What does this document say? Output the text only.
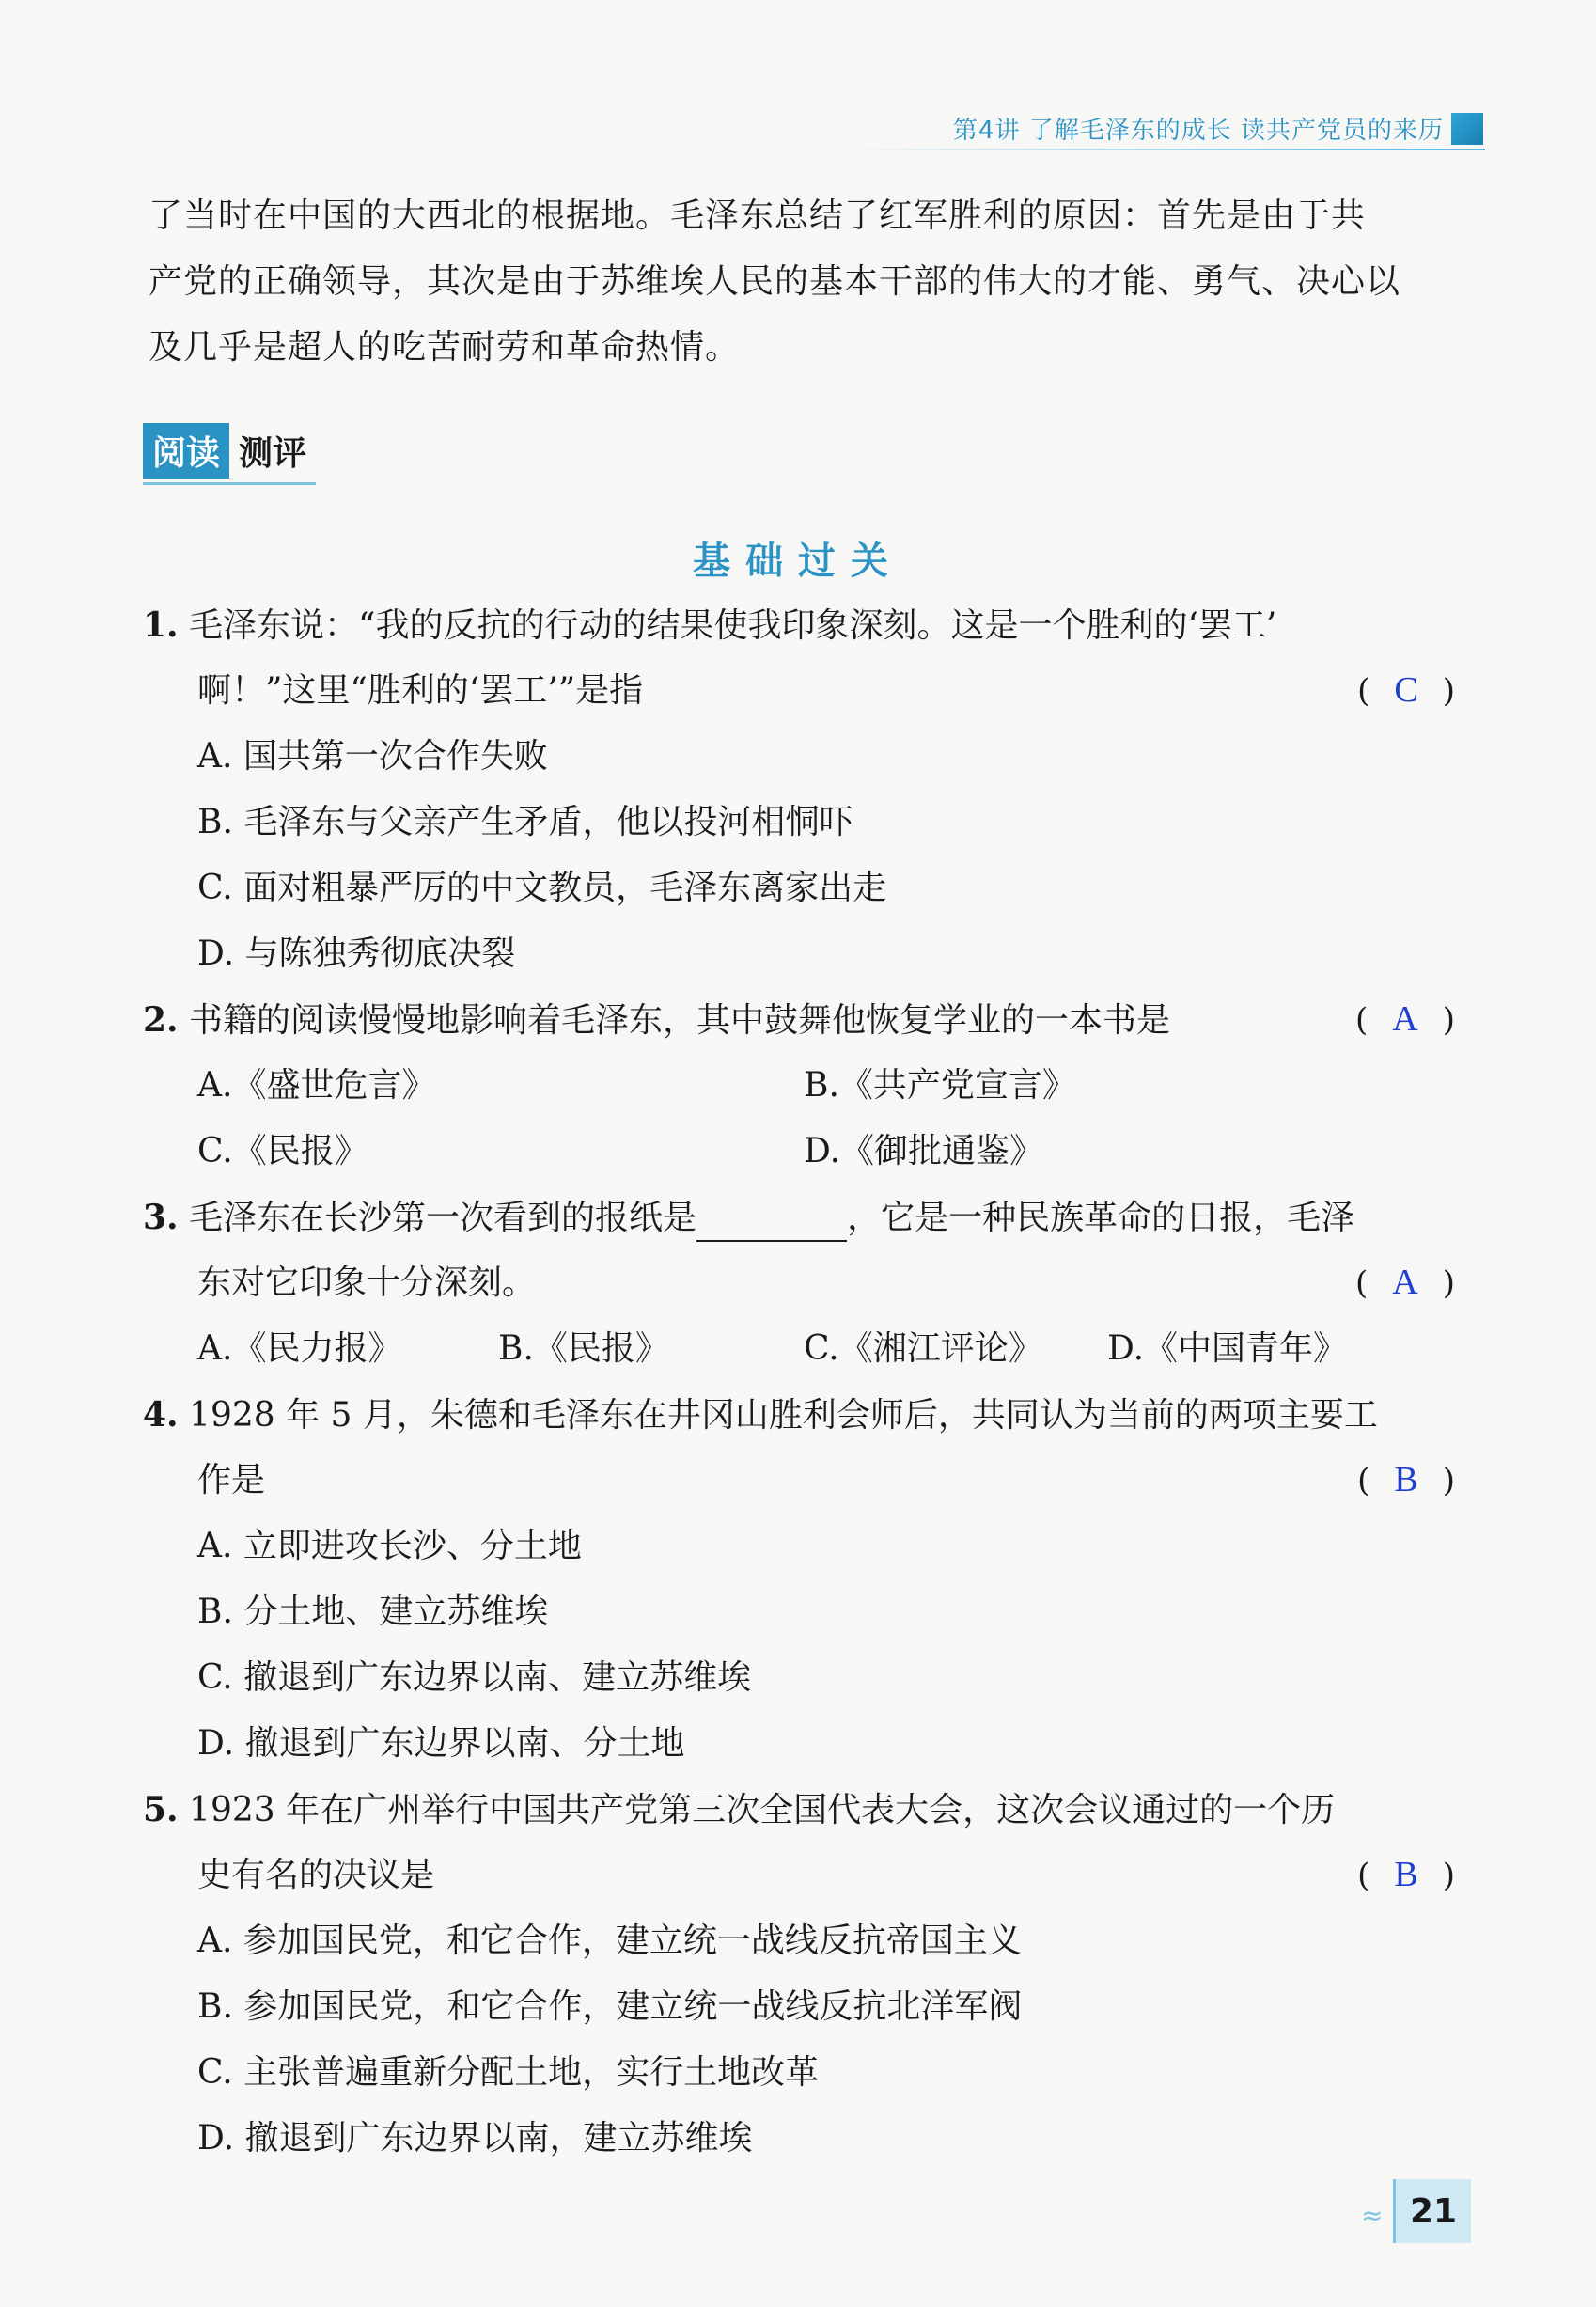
第4讲 了解毛泽东的成长 读共产党员的来历
了当时在中国的大西北的根据地。毛泽东总结了红军胜利的原因：首先是由于共
产党的正确领导，其次是由于苏维埃人民的基本干部的伟大的才能、勇气、决心以
及几乎是超人的吃苦耐劳和革命热情。
阅读 测评
基础过关
1. 毛泽东说：“我的反抗的行动的结果使我印象深刻。这是一个胜利的‘罢工’
啊！”这里“胜利的‘罢工’”是指	( C )
A. 国共第一次合作失败
B. 毛泽东与父亲产生矛盾，他以投河相恫吓
C. 面对粗暴严厉的中文教员，毛泽东离家出走
D. 与陈独秀彻底决裂
2. 书籍的阅读慢慢地影响着毛泽东，其中鼓舞他恢复学业的一本书是	( A )
A.《盛世危言》	B.《共产党宣言》
C.《民报》	D.《御批通鉴》
3. 毛泽东在长沙第一次看到的报纸是	，它是一种民族革命的日报，毛泽
东对它印象十分深刻。	( A )
A.《民力报》	B.《民报》	C.《湘江评论》 D.《中国青年》
4. 1928 年 5 月，朱德和毛泽东在井冈山胜利会师后，共同认为当前的两项主要工
作是	( B )
A. 立即进攻长沙、分土地
B. 分土地、建立苏维埃
C. 撤退到广东边界以南、建立苏维埃
D. 撤退到广东边界以南、分土地
5. 1923 年在广州举行中国共产党第三次全国代表大会，这次会议通过的一个历
史有名的决议是	( B )
A. 参加国民党，和它合作，建立统一战线反抗帝国主义
B. 参加国民党，和它合作，建立统一战线反抗北洋军阀
C. 主张普遍重新分配土地，实行土地改革
D. 撤退到广东边界以南，建立苏维埃
≈ 21
